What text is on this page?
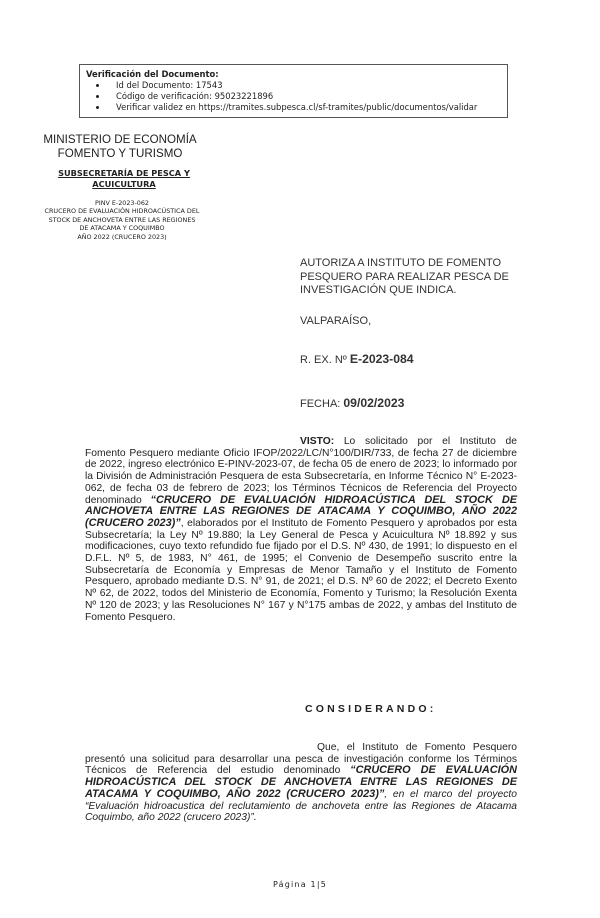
Verificación del Documento:
• Id del Documento: 17543
• Código de verificación: 95023221896
• Verificar validez en https://tramites.subpesca.cl/sf-tramites/public/documentos/validar
MINISTERIO DE ECONOMÍA
FOMENTO Y TURISMO
SUBSECRETARÍA DE PESCA Y ACUICULTURA
PINV E-2023-062
CRUCERO DE EVALUACIÓN HIDROACÚSTICA DEL
STOCK DE ANCHOVETA ENTRE LAS REGIONES
DE ATACAMA Y COQUIMBO
AÑO 2022 (CRUCERO 2023)
AUTORIZA A INSTITUTO DE FOMENTO PESQUERO PARA REALIZAR PESCA DE INVESTIGACIÓN QUE INDICA.
VALPARAÍSO,
R. EX. Nº E-2023-084
FECHA: 09/02/2023
VISTO: Lo solicitado por el Instituto de Fomento Pesquero mediante Oficio IFOP/2022/LC/N°100/DIR/733, de fecha 27 de diciembre de 2022, ingreso electrónico E-PINV-2023-07, de fecha 05 de enero de 2023; lo informado por la División de Administración Pesquera de esta Subsecretaría, en Informe Técnico N° E-2023-062, de fecha 03 de febrero de 2023; los Términos Técnicos de Referencia del Proyecto denominado “CRUCERO DE EVALUACIÓN HIDROACÚSTICA DEL STOCK DE ANCHOVETA ENTRE LAS REGIONES DE ATACAMA Y COQUIMBO, AÑO 2022 (CRUCERO 2023)”, elaborados por el Instituto de Fomento Pesquero y aprobados por esta Subsecretaría; la Ley Nº 19.880; la Ley General de Pesca y Acuicultura Nº 18.892 y sus modificaciones, cuyo texto refundido fue fijado por el D.S. Nº 430, de 1991; lo dispuesto en el D.F.L. Nº 5, de 1983, N° 461, de 1995; el Convenio de Desempeño suscrito entre la Subsecretaría de Economía y Empresas de Menor Tamaño y el Instituto de Fomento Pesquero, aprobado mediante D.S. N° 91, de 2021; el D.S. Nº 60 de 2022; el Decreto Exento Nº 62, de 2022, todos del Ministerio de Economía, Fomento y Turismo; la Resolución Exenta Nº 120 de 2023; y las Resoluciones N° 167 y N°175 ambas de 2022, y ambas del Instituto de Fomento Pesquero.
CONSIDERANDO:
Que, el Instituto de Fomento Pesquero presentó una solicitud para desarrollar una pesca de investigación conforme los Términos Técnicos de Referencia del estudio denominado “CRUCERO DE EVALUACIÓN HIDROACÚSTICA DEL STOCK DE ANCHOVETA ENTRE LAS REGIONES DE ATACAMA Y COQUIMBO, AÑO 2022 (CRUCERO 2023)”, en el marco del proyecto “Evaluación hidroacustica del reclutamiento de anchoveta entre las Regiones de Atacama Coquimbo, año 2022 (crucero 2023)”.
Página 1|5
